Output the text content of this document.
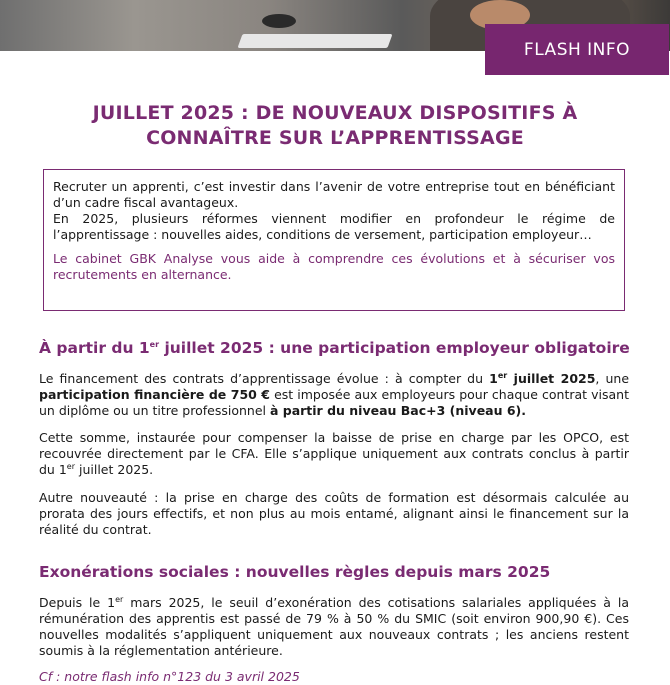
FLASH INFO
JUILLET 2025 : DE NOUVEAUX DISPOSITIFS À CONNAÎTRE SUR L’APPRENTISSAGE

Recruter un apprenti, c’est investir dans l’avenir de votre entreprise tout en bénéficiant d’un cadre fiscal avantageux.

En 2025, plusieurs réformes viennent modifier en profondeur le régime de l’apprentissage : nouvelles aides, conditions de versement, participation employeur…

Le cabinet GBK Analyse vous aide à comprendre ces évolutions et à sécuriser vos recrutements en alternance.

À partir du 1er juillet 2025 : une participation employeur obligatoire

Le financement des contrats d’apprentissage évolue : à compter du 1er juillet 2025, une participation financière de 750 € est imposée aux employeurs pour chaque contrat visant un diplôme ou un titre professionnel à partir du niveau Bac+3 (niveau 6).

Cette somme, instaurée pour compenser la baisse de prise en charge par les OPCO, est recouvrée directement par le CFA. Elle s’applique uniquement aux contrats conclus à partir du 1er juillet 2025.

Autre nouveauté : la prise en charge des coûts de formation est désormais calculée au prorata des jours effectifs, et non plus au mois entamé, alignant ainsi le financement sur la réalité du contrat.

Exonérations sociales : nouvelles règles depuis mars 2025

Depuis le 1er mars 2025, le seuil d’exonération des cotisations salariales appliquées à la rémunération des apprentis est passé de 79 % à 50 % du SMIC (soit environ 900,90 €). Ces nouvelles modalités s’appliquent uniquement aux nouveaux contrats ; les anciens restent soumis à la réglementation antérieure.

Cf : notre flash info n°123 du 3 avril 2025
